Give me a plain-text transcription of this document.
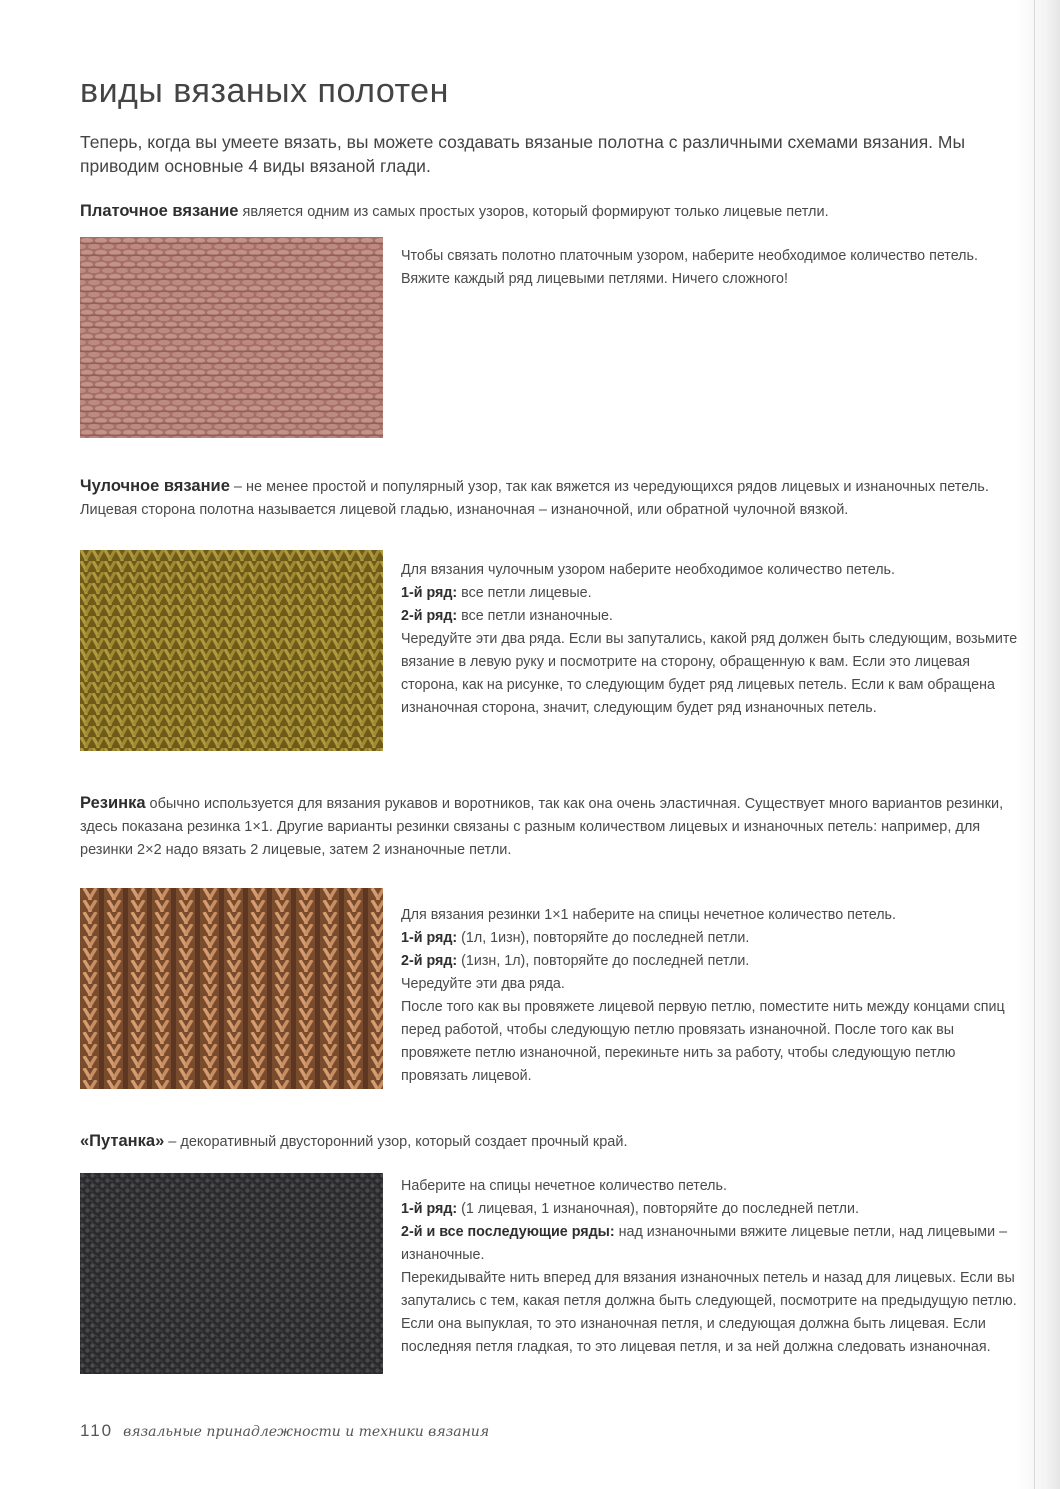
виды вязаных полотен

Теперь, когда вы умеете вязать, вы можете создавать вязаные полотна с различными схемами вязания. Мы приводим основные 4 виды вязаной глади.

Платочное вязание является одним из самых простых узоров, который формируют только лицевые петли.

Чтобы связать полотно платочным узором, наберите необходимое количество петель.

Вяжите каждый ряд лицевыми петлями. Ничего сложного!

Чулочное вязание – не менее простой и популярный узор, так как вяжется из чередующихся рядов лицевых и изнаночных петель. Лицевая сторона полотна называется лицевой гладью, изнаночная – изнаночной, или обратной чулочной вязкой.

Для вязания чулочным узором наберите необходимое количество петель.

1-й ряд: все петли лицевые.

2-й ряд: все петли изнаночные.

Чередуйте эти два ряда. Если вы запутались, какой ряд должен быть следующим, возьмите вязание в левую руку и посмотрите на сторону, обращенную к вам. Если это лицевая сторона, как на рисунке, то следующим будет ряд лицевых петель. Если к вам обращена изнаночная сторона, значит, следующим будет ряд изнаночных петель.

Резинка обычно используется для вязания рукавов и воротников, так как она очень эластичная. Существует много вариантов резинки, здесь показана резинка 1×1. Другие варианты резинки связаны с разным количеством лицевых и изнаночных петель: например, для резинки 2×2 надо вязать 2 лицевые, затем 2 изнаночные петли.

Для вязания резинки 1×1 наберите на спицы нечетное количество петель.

1-й ряд: (1л, 1изн), повторяйте до последней петли.

2-й ряд: (1изн, 1л), повторяйте до последней петли.

Чередуйте эти два ряда.

После того как вы провяжете лицевой первую петлю, поместите нить между концами спиц перед работой, чтобы следующую петлю провязать изнаночной. После того как вы провяжете петлю изнаночной, перекиньте нить за работу, чтобы следующую петлю провязать лицевой.

«Путанка» – декоративный двусторонний узор, который создает прочный край.

Наберите на спицы нечетное количество петель.

1-й ряд: (1 лицевая, 1 изнаночная), повторяйте до последней петли.

2-й и все последующие ряды: над изнаночными вяжите лицевые петли, над лицевыми – изнаночные.

Перекидывайте нить вперед для вязания изнаночных петель и назад для лицевых. Если вы запутались с тем, какая петля должна быть следующей, посмотрите на предыдущую петлю. Если она выпуклая, то это изнаночная петля, и следующая должна быть лицевая. Если последняя петля гладкая, то это лицевая петля, и за ней должна следовать изнаночная.

110 вязальные принадлежности и техники вязания
